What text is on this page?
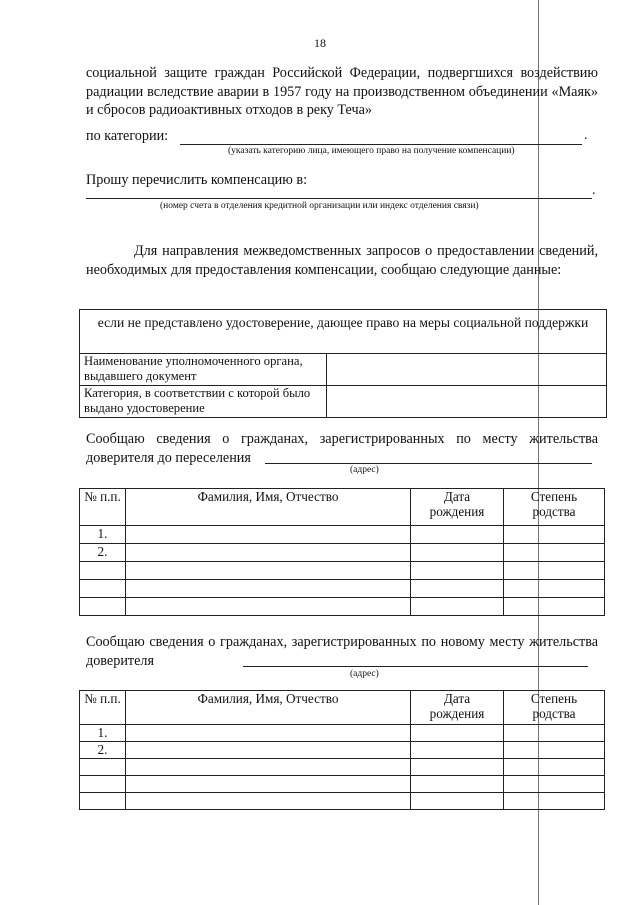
18
социальной защите граждан Российской Федерации, подвергшихся воздействию радиации вследствие аварии в 1957 году на производственном объединении «Маяк» и сбросов радиоактивных отходов в реку Теча»
по категории:	.
(указать категорию лица, имеющего право на получение компенсации)
Прошу перечислить компенсацию в:
.
(номер счета в отделения кредитной организации или индекс отделения связи)
Для направления межведомственных запросов о предоставлении сведений, необходимых для предоставления компенсации, сообщаю следующие данные:
если не представлено удостоверение, дающее право на меры социальной поддержки	
Наименование уполномоченного органа, выдавшего документ	
Категория, в соответствии с которой было выдано удостоверение	
Сообщаю сведения о гражданах, зарегистрированных по месту жительства доверителя до переселения
(адрес)
№ п.п.	Фамилия, Имя, Отчество	Дата рождения	Степень родства
1.			
2.			

Сообщаю сведения о гражданах, зарегистрированных по новому месту жительства доверителя
(адрес)
№ п.п.	Фамилия, Имя, Отчество	Дата рождения	Степень родства
1.			
2.			
